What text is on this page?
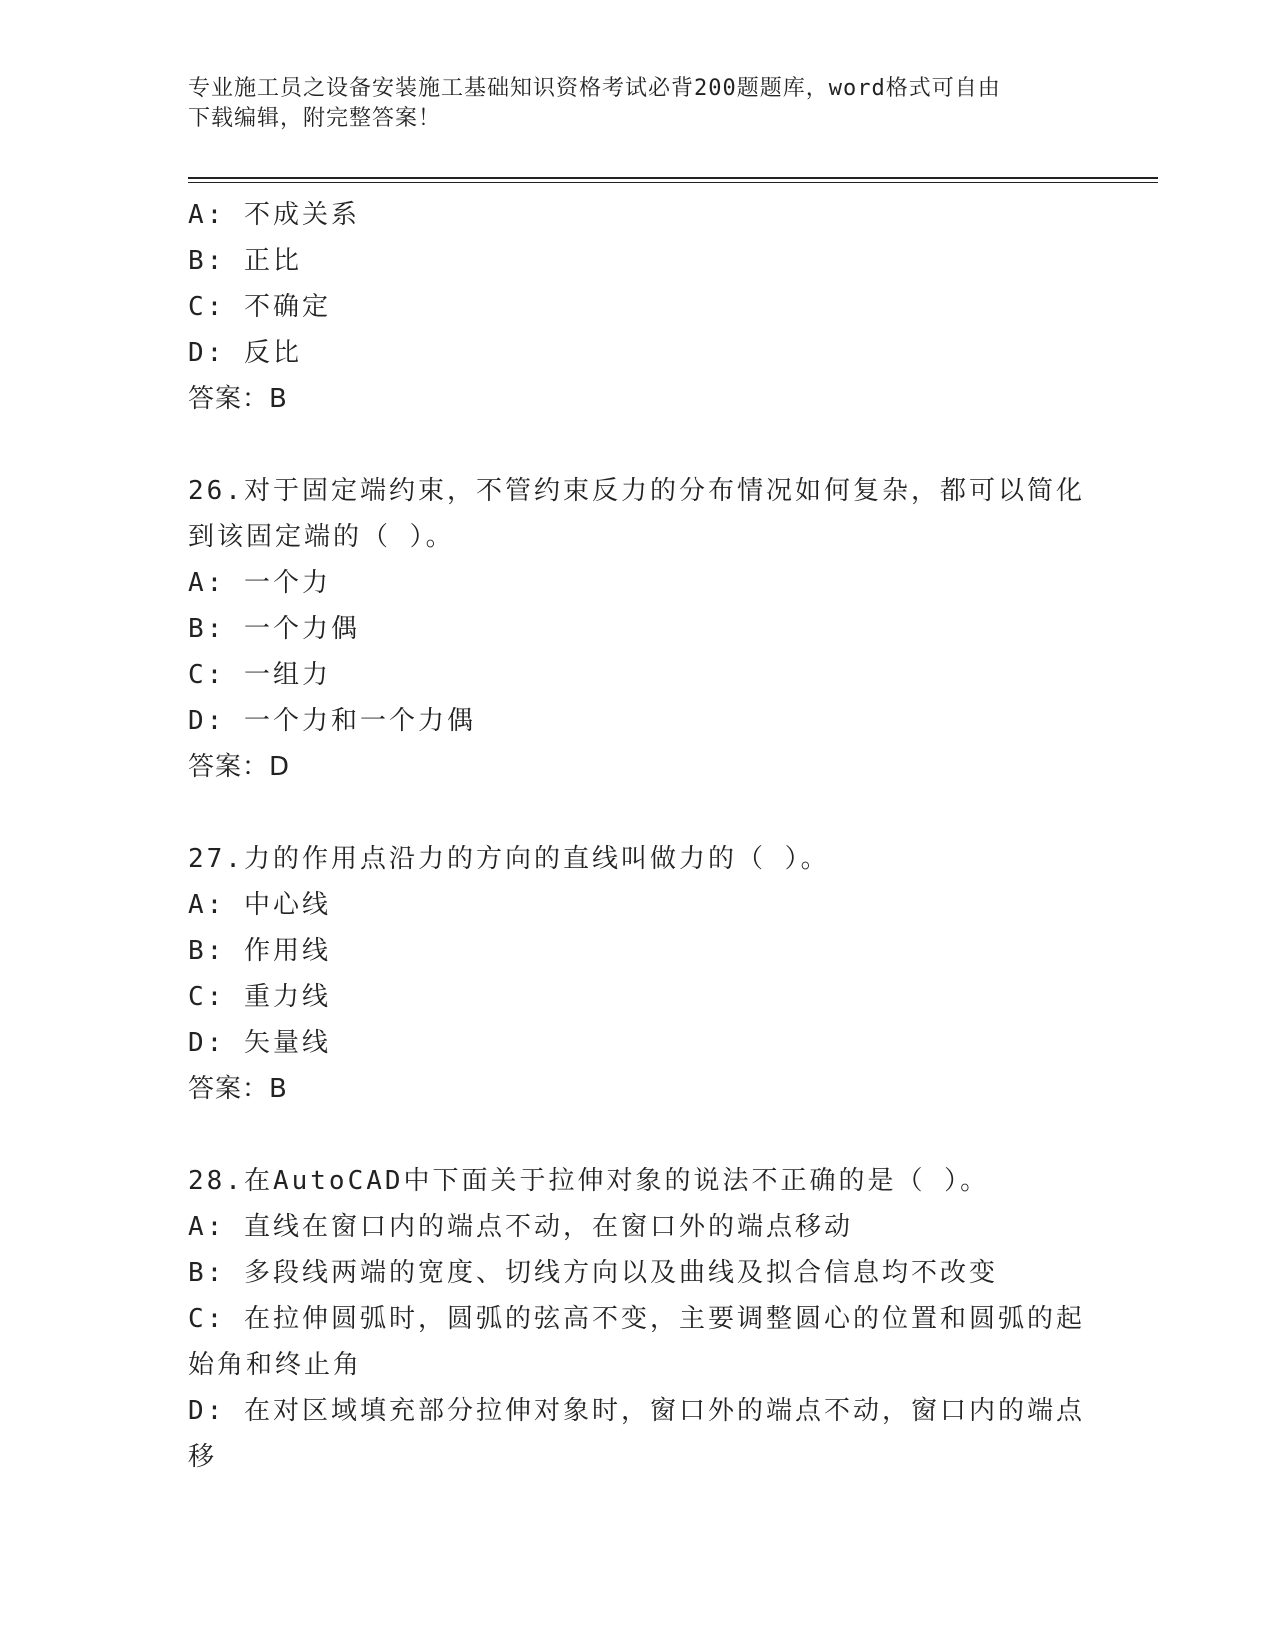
专业施工员之设备安装施工基础知识资格考试必背200题题库，word格式可自由
下载编辑，附完整答案！

A: 不成关系

B: 正比

C: 不确定

D: 反比

答案：B

26.对于固定端约束，不管约束反力的分布情况如何复杂，都可以简化

到该固定端的（ ）。

A: 一个力

B: 一个力偶

C: 一组力

D: 一个力和一个力偶

答案：D

27.力的作用点沿力的方向的直线叫做力的（ ）。

A: 中心线

B: 作用线

C: 重力线

D: 矢量线

答案：B

28.在AutoCAD中下面关于拉伸对象的说法不正确的是（ ）。

A: 直线在窗口内的端点不动，在窗口外的端点移动

B: 多段线两端的宽度、切线方向以及曲线及拟合信息均不改变

C: 在拉伸圆弧时，圆弧的弦高不变，主要调整圆心的位置和圆弧的起

始角和终止角

D: 在对区域填充部分拉伸对象时，窗口外的端点不动，窗口内的端点

移
